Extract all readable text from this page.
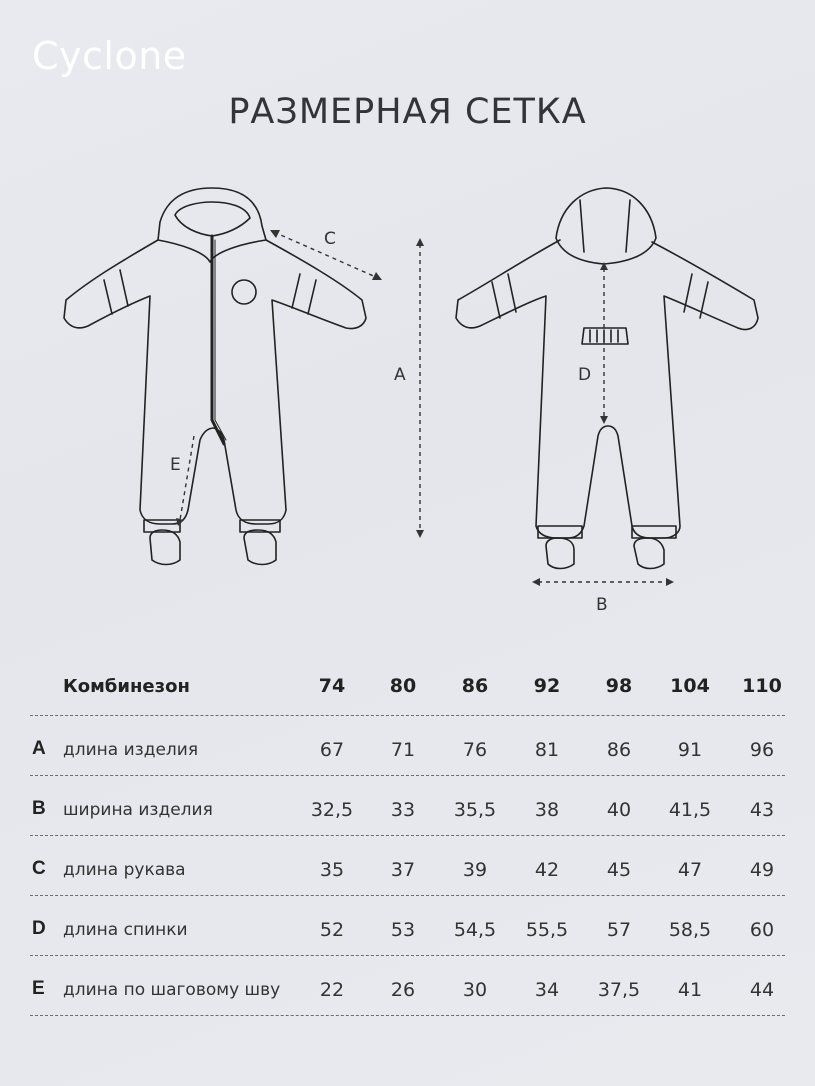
Cyclone
РАЗМЕРНАЯ СЕТКА
C
A	D
B
E
Комбинезон	74	80	86	92	98	104	110
A	длина изделия	67	71	76	81	86	91	96
B	ширина изделия	32,5	33	35,5	38	40	41,5	43
C	длина рукава	35	37	39	42	45	47	49
D	длина спинки	52	53	54,5	55,5	57	58,5	60
E	длина по шаговому шву	22	26	30	34	37,5	41	44
